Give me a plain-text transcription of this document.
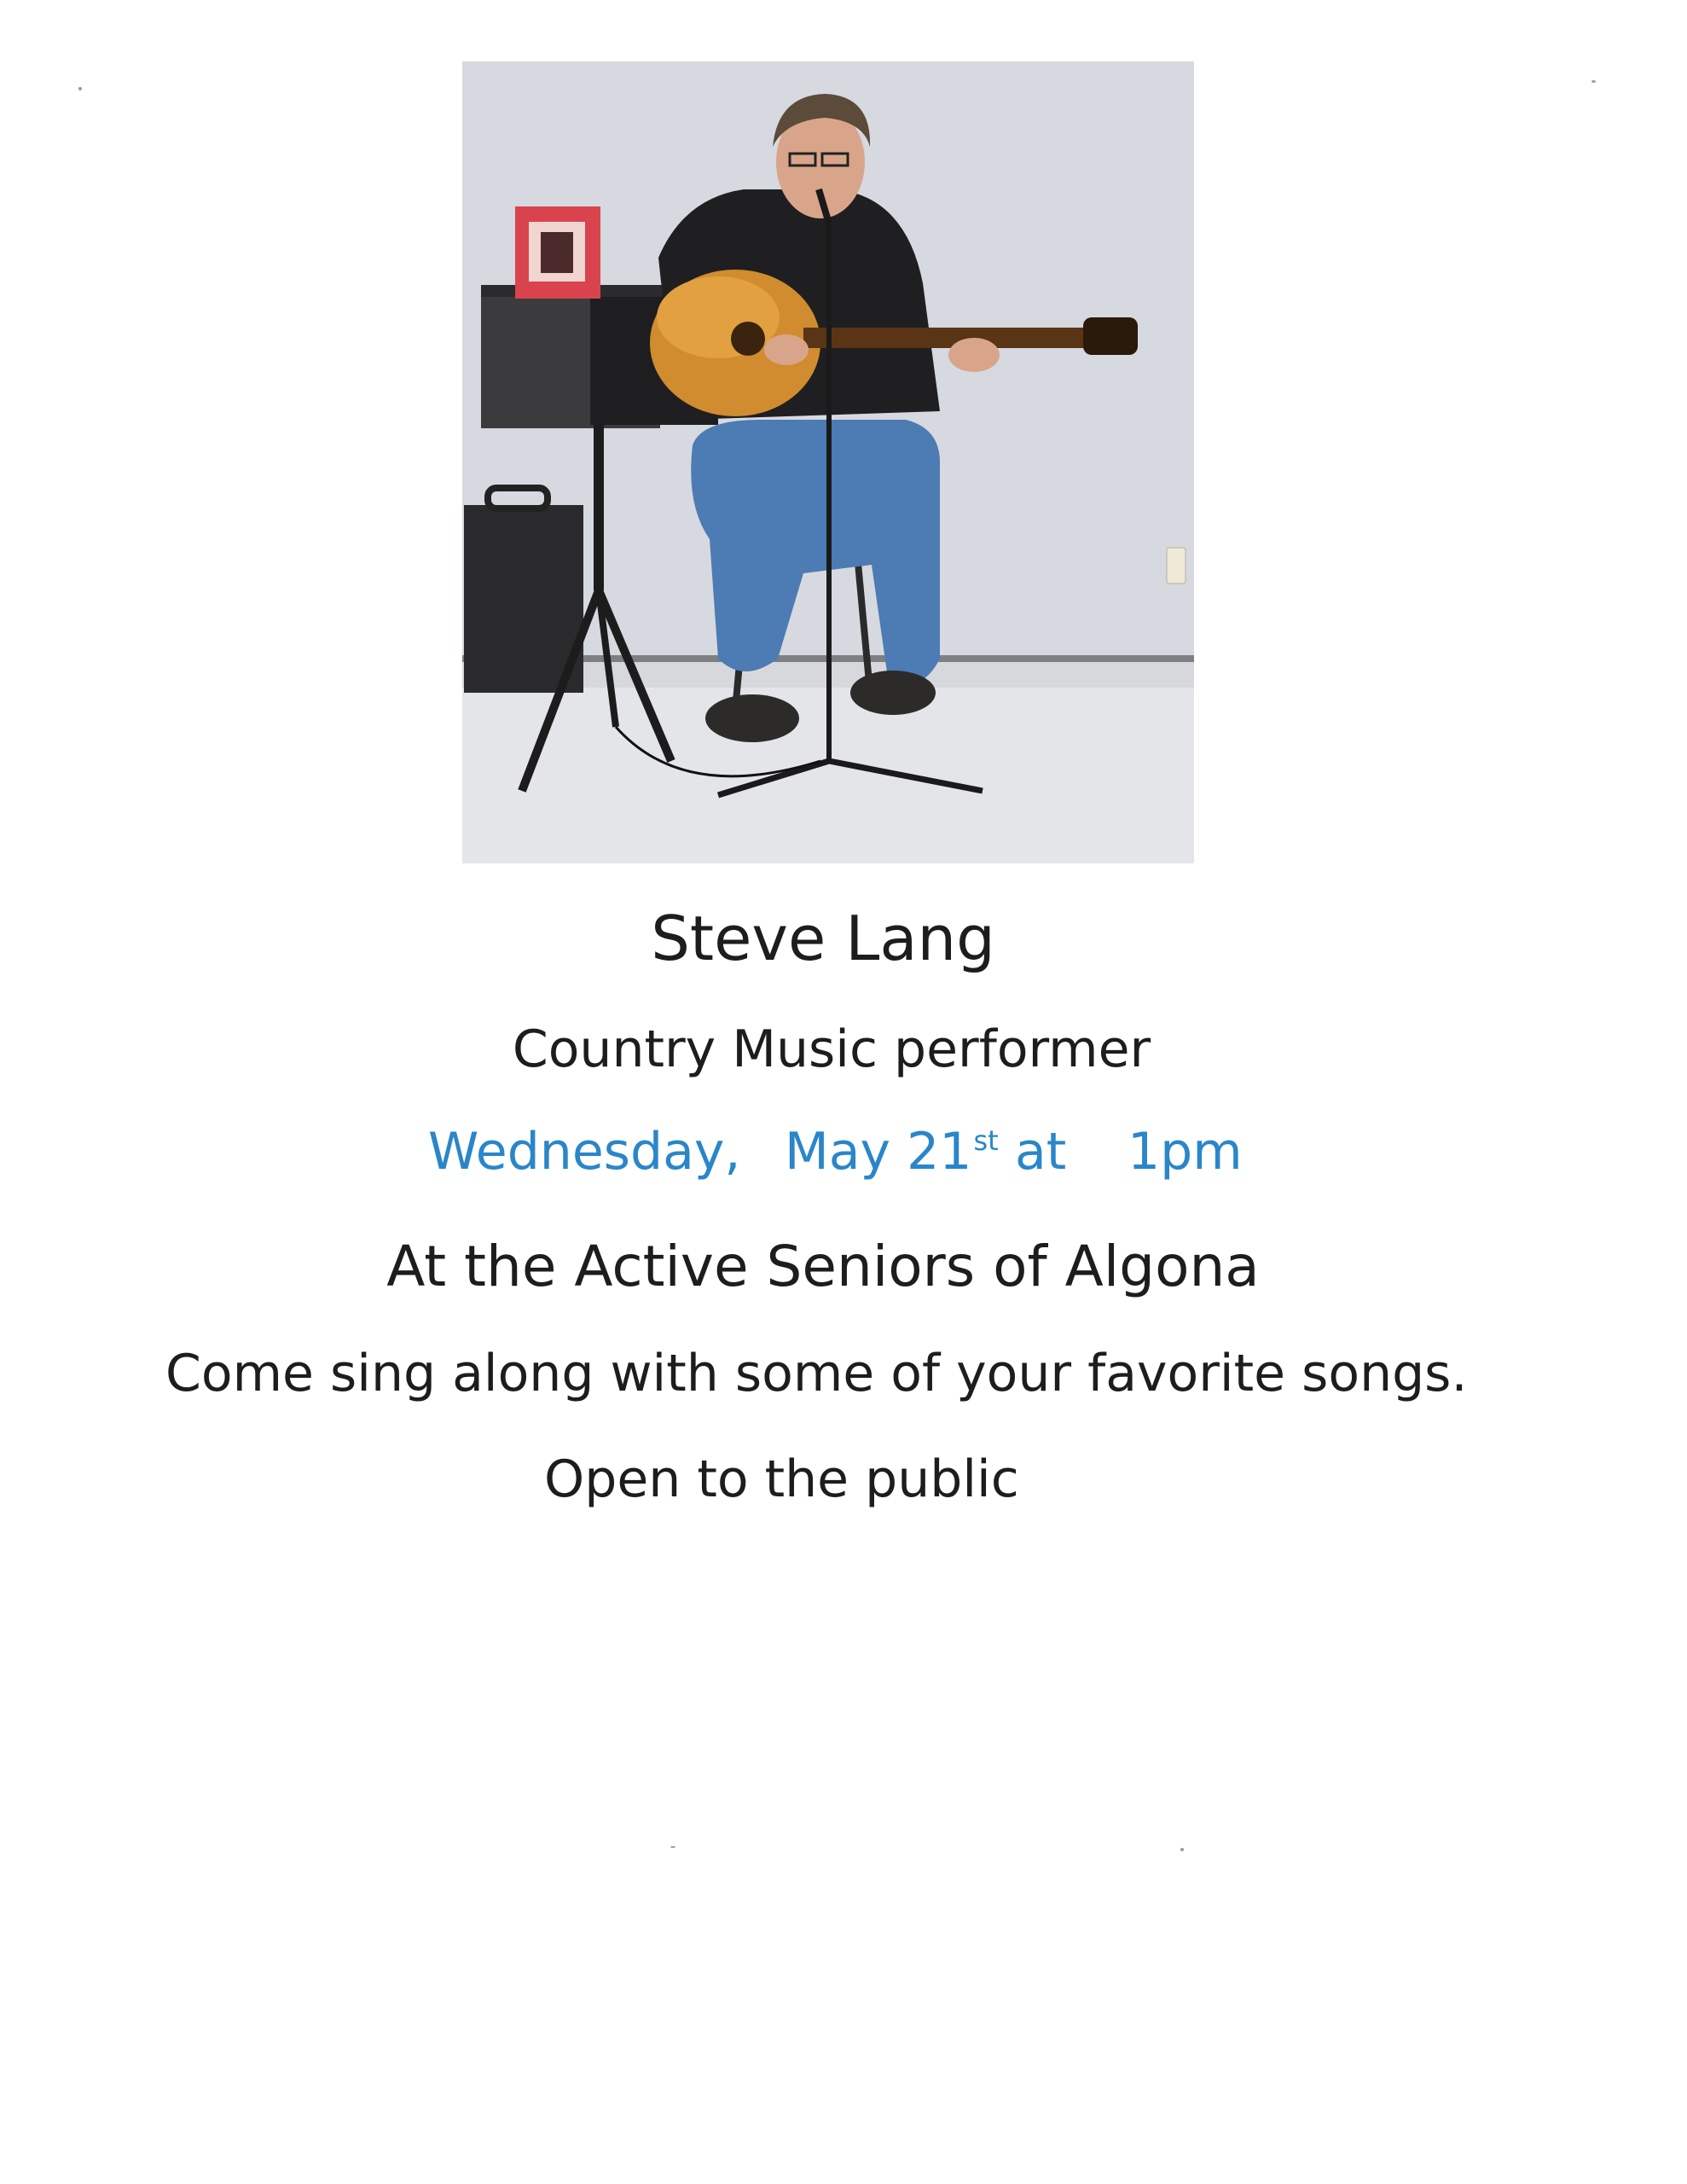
Steve Lang
Country Music performer
Wednesday, May 21st at 1pm
At the Active Seniors of Algona
Come sing along with some of your favorite songs.
Open to the public
